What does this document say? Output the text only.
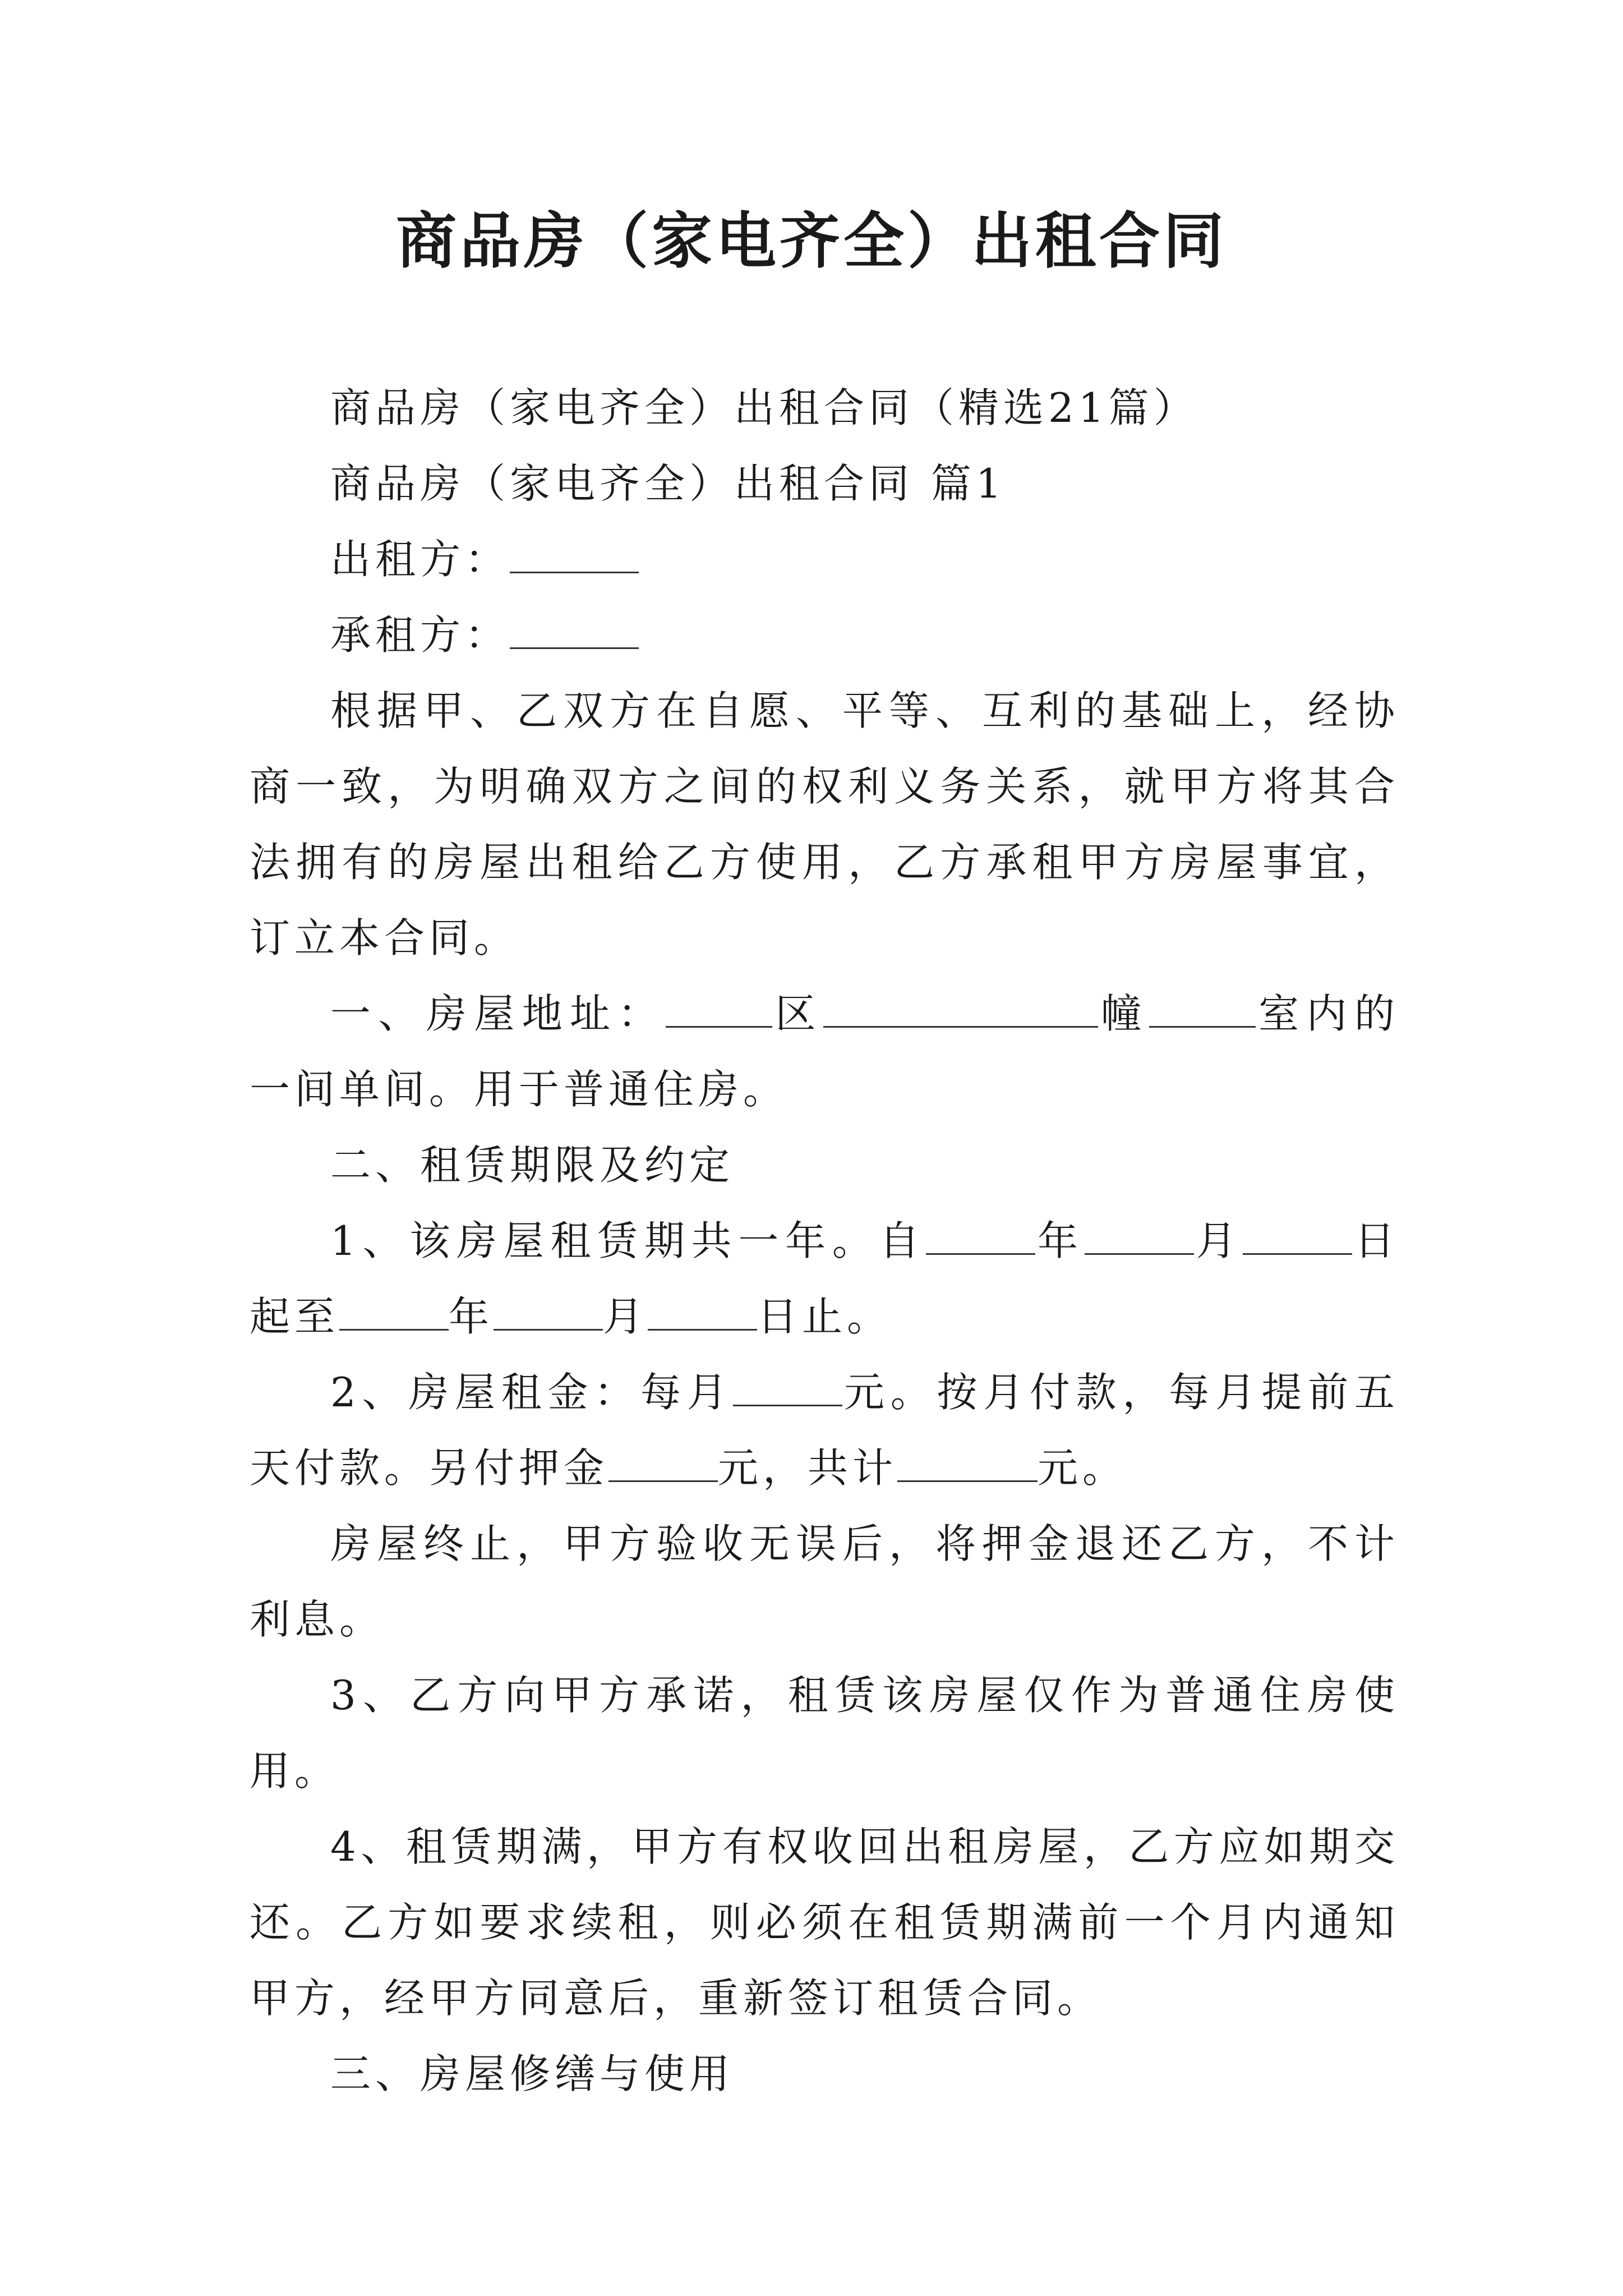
商品房（家电齐全）出租合同

商品房（家电齐全）出租合同（精选21篇）

商品房（家电齐全）出租合同 篇1

出租方：

承租方：

根据甲、乙双方在自愿、平等、互利的基础上，经协商一致，为明确双方之间的权利义务关系，就甲方将其合法拥有的房屋出租给乙方使用，乙方承租甲方房屋事宜，订立本合同。

一、房屋地址：	区	幢	室内的一间单间。用于普通住房。

二、租赁期限及约定

1、该房屋租赁期共一年。自	年	月	日起至	年	月	日止。

2、房屋租金：每月	元。按月付款，每月提前五天付款。另付押金	元，共计	元。

房屋终止，甲方验收无误后，将押金退还乙方，不计利息。

3、乙方向甲方承诺，租赁该房屋仅作为普通住房使用。

4、租赁期满，甲方有权收回出租房屋，乙方应如期交还。乙方如要求续租，则必须在租赁期满前一个月内通知甲方，经甲方同意后，重新签订租赁合同。

三、房屋修缮与使用
